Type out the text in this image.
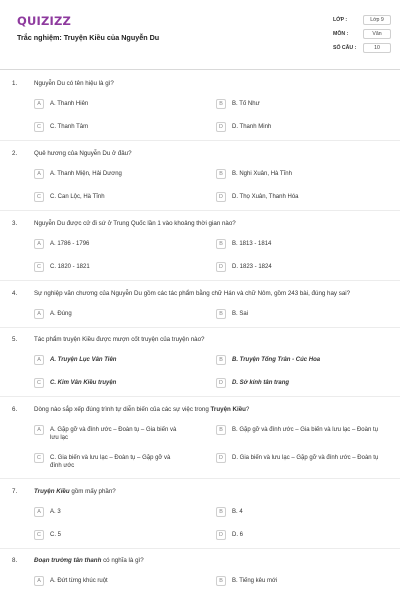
QUIZIZZ
Trắc nghiệm: Truyện Kiều của Nguyễn Du
LỚP :	Lớp 9
MÔN :	Văn
SỐ CÂU :	10
1.	Nguyễn Du có tên hiệu là gì?
A	A. Thanh Hiên	B	B. Tố Như
C	C. Thanh Tâm	D	D. Thanh Minh
2.	Quê hương của Nguyễn Du ở đâu?
A	A. Thanh Miện, Hải Dương	B	B. Nghi Xuân, Hà Tĩnh
C	C. Can Lộc, Hà Tĩnh	D	D. Thọ Xuân, Thanh Hóa
3.	Nguyễn Du được cử đi sứ ở Trung Quốc lần 1 vào khoảng thời gian nào?
A	A. 1786 - 1796	B	B. 1813 - 1814
C	C. 1820 - 1821	D	D. 1823 - 1824
4.	Sự nghiệp văn chương của Nguyễn Du gồm các tác phẩm bằng chữ Hán và chữ Nôm, gồm 243 bài, đúng hay sai?
A	A. Đúng	B	B. Sai
5.	Tác phẩm truyện Kiều được mượn cốt truyện của truyện nào?
A	A. Truyện Lục Vân Tiên	B	B. Truyện Tống Trân - Cúc Hoa
C	C. Kim Vân Kiều truyện	D	D. Sở kính tân trang
6.	Dòng nào sắp xếp đúng trình tự diễn biến của các sự việc trong Truyện Kiều?
A	A. Gặp gỡ và đính ước – Đoàn tụ – Gia biến và lưu lạc
B	B. Gặp gỡ và đính ước – Gia biến và lưu lạc – Đoàn tụ
C	C. Gia biến và lưu lạc – Đoàn tụ – Gặp gỡ và đính ước
D	D. Gia biến và lưu lạc – Gặp gỡ và đính ước – Đoàn tụ
7.	Truyện Kiều gồm mấy phần?
A	A. 3	B	B. 4
C	C. 5	D	D. 6
8.	Đoạn trường tân thanh có nghĩa là gì?
A	A. Đứt từng khúc ruột	B	B. Tiếng kêu mới
